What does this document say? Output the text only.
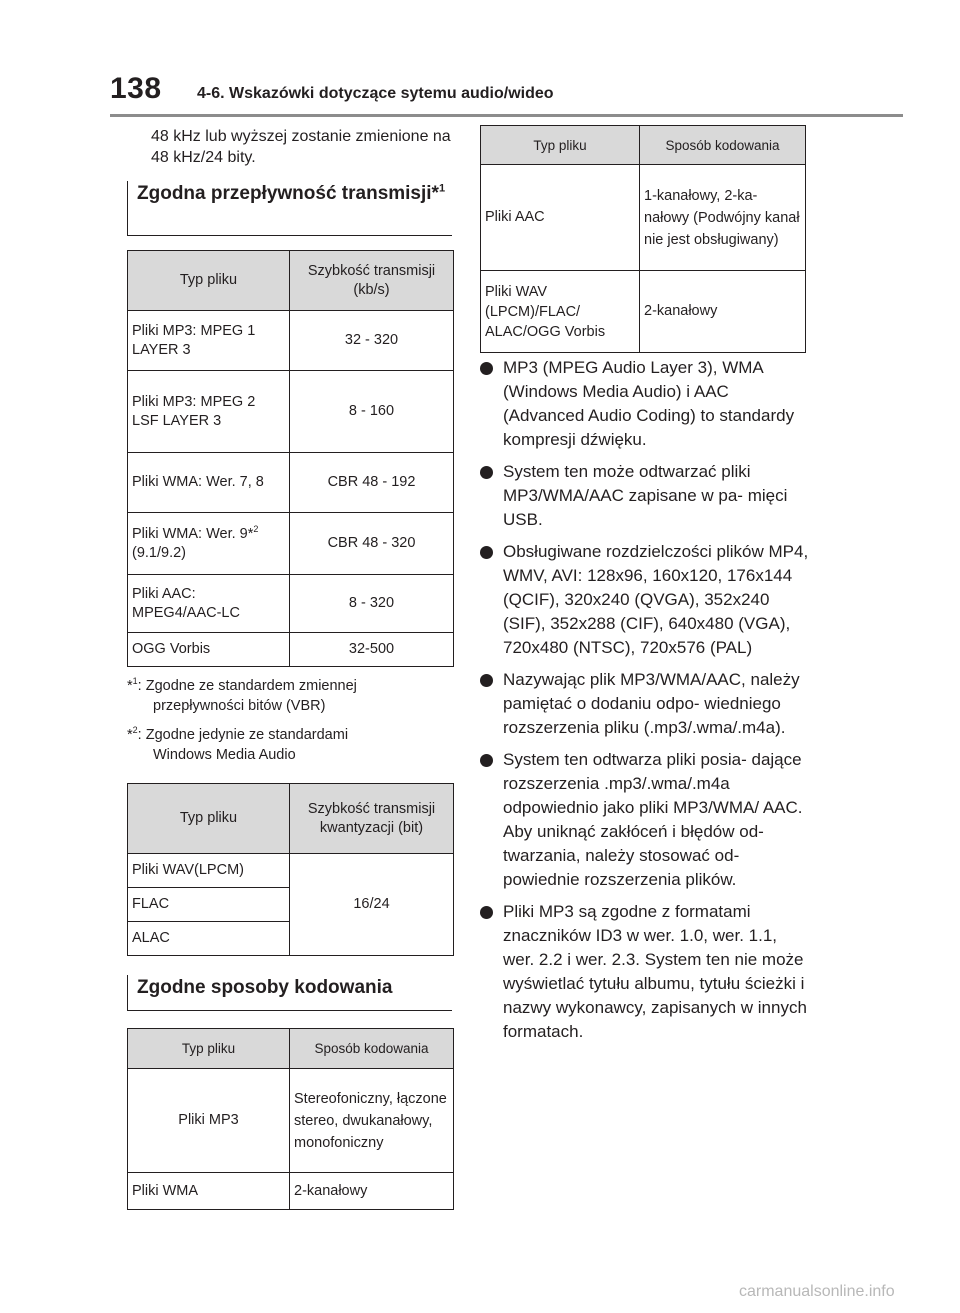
138 4-6. Wskazówki dotyczące sytemu audio/wideo
48 kHz lub wyższej zostanie zmienione na 48 kHz/24 bity.
Zgodna przepływność transmisji*$^1$
Typ pliku	Szybkość transmisji (kb/s)
Pliki MP3: MPEG 1 LAYER 3	32 - 320
Pliki MP3: MPEG 2 LSF LAYER 3	8 - 160
Pliki WMA: Wer. 7, 8	CBR 48 - 192
Pliki WMA: Wer. 9*$^2$ (9.1/9.2)	CBR 48 - 320
Pliki AAC: MPEG4/AAC-LC	8 - 320
OGG Vorbis	32-500
*$^1$: Zgodne ze standardem zmiennej
przepływności bitów (VBR)
*$^2$: Zgodne jedynie ze standardami
Windows Media Audio
Typ pliku	Szybkość transmisji kwantyzacji (bit)
Pliki WAV(LPCM)	16/24
FLAC	
ALAC	
Zgodne sposoby kodowania
Typ pliku	Sposób kodowania
Pliki MP3	Stereofoniczny, łączone stereo, dwukanałowy, monofoniczny
Pliki WMA	2-kanałowy
Typ pliku	Sposób kodowania
Pliki AAC	1-kanałowy, 2-ka- nałowy (Podwójny kanał nie jest obsługiwany)
Pliki WAV (LPCM)/FLAC/ ALAC/OGG Vorbis	2-kanałowy
MP3 (MPEG Audio Layer 3), WMA (Windows Media Audio) i AAC (Advanced Audio Coding) to standardy kompresji dźwięku.
System ten może odtwarzać pliki MP3/WMA/AAC zapisane w pa- mięci USB.
Obsługiwane rozdzielczości plików MP4, WMV, AVI: 128x96, 160x120, 176x144 (QCIF), 320x240 (QVGA), 352x240 (SIF), 352x288 (CIF), 640x480 (VGA), 720x480 (NTSC), 720x576 (PAL)
Nazywając plik MP3/WMA/AAC, należy pamiętać o dodaniu odpo- wiedniego rozszerzenia pliku (.mp3/.wma/.m4a).
System ten odtwarza pliki posia- dające rozszerzenia .mp3/.wma/.m4a odpowiednio jako pliki MP3/WMA/ AAC. Aby uniknąć zakłóceń i błędów od- twarzania, należy stosować od- powiednie rozszerzenia plików.
Pliki MP3 są zgodne z formatami znaczników ID3 w wer. 1.0, wer. 1.1, wer. 2.2 i wer. 2.3. System ten nie może wyświetlać tytułu albumu, tytułu ścieżki i nazwy wykonawcy, zapisanych w innych formatach.
carmanualsonline.info
